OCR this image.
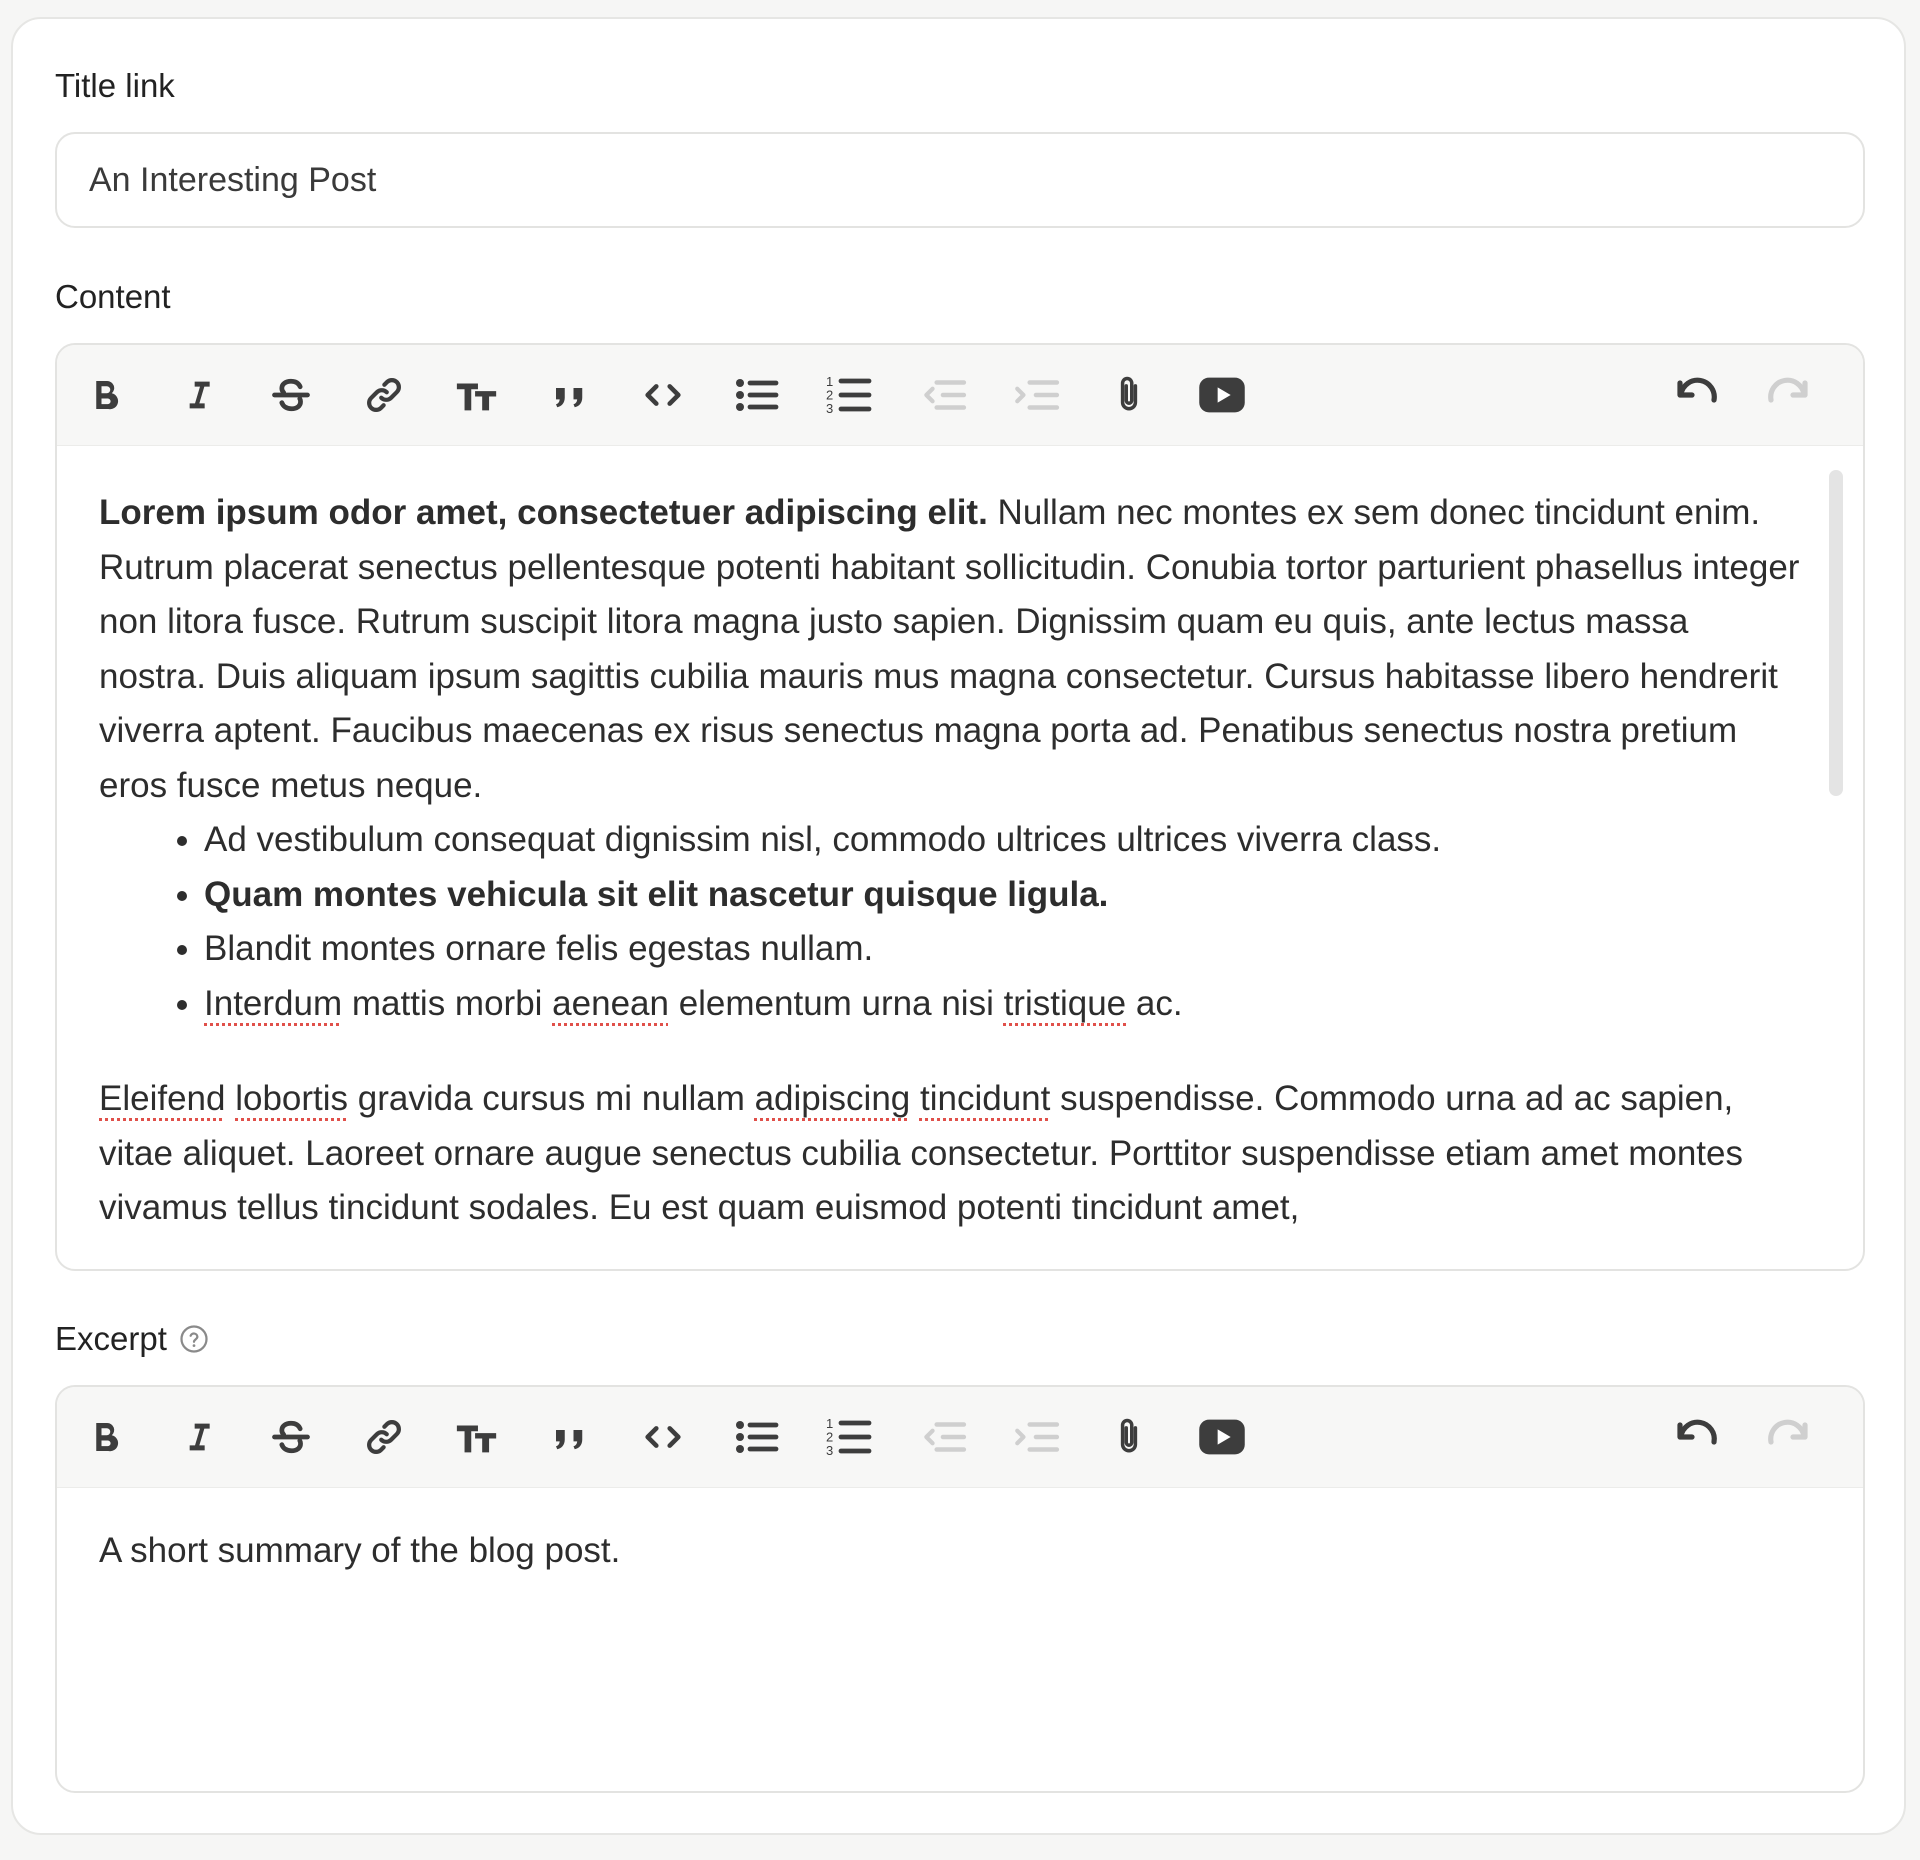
Title link
An Interesting Post
Content

Lorem ipsum odor amet, consectetuer adipiscing elit. Nullam nec montes ex sem donec tincidunt enim. Rutrum placerat senectus pellentesque potenti habitant sollicitudin. Conubia tortor parturient phasellus integer non litora fusce. Rutrum suscipit litora magna justo sapien. Dignissim quam eu quis, ante lectus massa nostra. Duis aliquam ipsum sagittis cubilia mauris mus magna consectetur. Cursus habitasse libero hendrerit viverra aptent. Faucibus maecenas ex risus senectus magna porta ad. Penatibus senectus nostra pretium eros fusce metus neque.

• Ad vestibulum consequat dignissim nisl, commodo ultrices ultrices viverra class.
• Quam montes vehicula sit elit nascetur quisque ligula.
• Blandit montes ornare felis egestas nullam.
• Interdum mattis morbi aenean elementum urna nisi tristique ac.

Eleifend lobortis gravida cursus mi nullam adipiscing tincidunt suspendisse. Commodo urna ad ac sapien, vitae aliquet. Laoreet ornare augue senectus cubilia consectetur. Porttitor suspendisse etiam amet montes vivamus tellus tincidunt sodales. Eu est quam euismod potenti tincidunt amet,

Excerpt

A short summary of the blog post.
